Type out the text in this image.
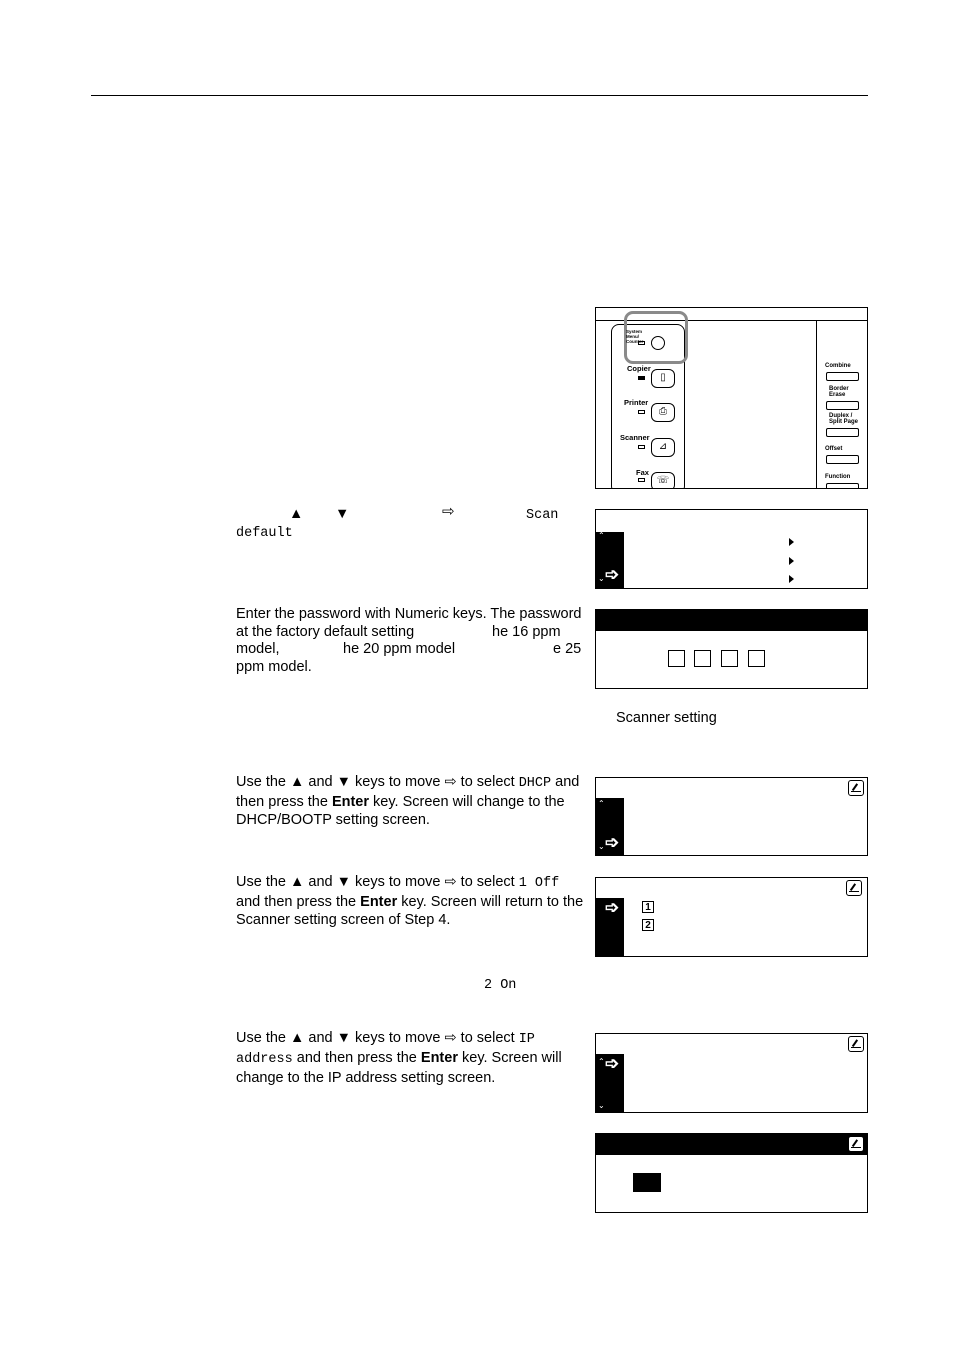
System Menu/ Counter
Copier
▯
Printer
⎙
Scanner
⊿
Fax
☏
Combine
Border Erase
Duplex / Split Page
Offset
Function
▲ ▼	⇨	Scan
default	⌃
⌄ ➩
Enter the password with Numeric keys. The password
at the factory default setting	he 16 ppm
model,	he 20 ppm model	e 25
ppm model.
Scanner setting
Use the ▲ and ▼ keys to move ⇨ to select DHCP and
then press the Enter key. Screen will change to the
DHCP/BOOTP setting screen.
⌃
⌄ ➩
Use the ▲ and ▼ keys to move ⇨ to select 1 Off
and then press the Enter key. Screen will return to the
Scanner setting screen of Step 4.
➩	1
2
2 On
Use the ▲ and ▼ keys to move ⇨ to select IP
address and then press the Enter key. Screen will
change to the IP address setting screen.
⌃
⌄
➩
